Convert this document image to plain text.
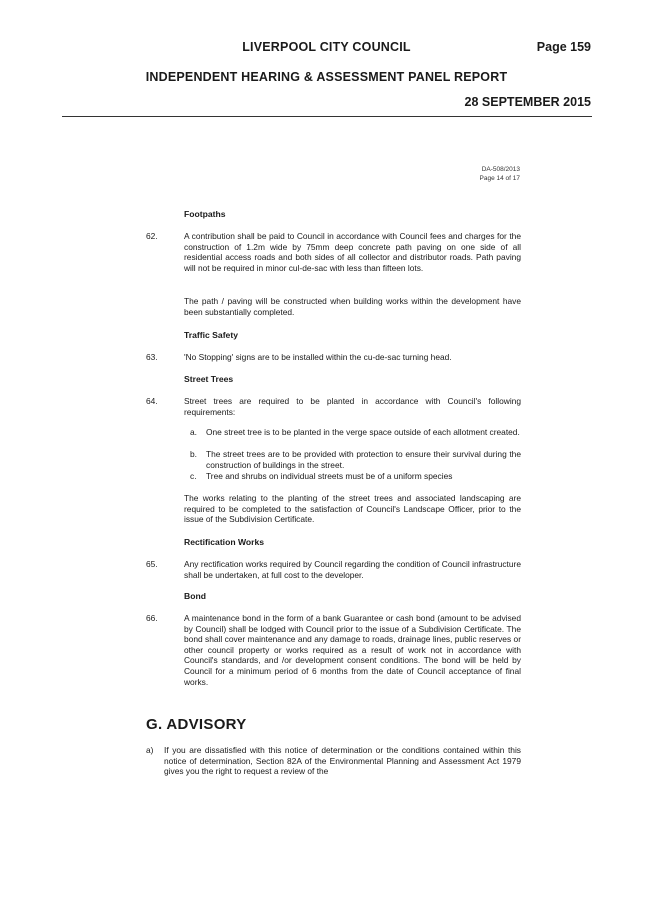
LIVERPOOL CITY COUNCIL	Page 159
INDEPENDENT HEARING & ASSESSMENT PANEL REPORT
28 SEPTEMBER 2015
DA-508/2013
Page 14 of 17
Footpaths
62.	A contribution shall be paid to Council in accordance with Council fees and charges for the construction of 1.2m wide by 75mm deep concrete path paving on one side of all residential access roads and both sides of all collector and distributor roads. Path paving will not be required in minor cul-de-sac with less than fifteen lots.
The path / paving will be constructed when building works within the development have been substantially completed.
Traffic Safety
63.	'No Stopping' signs are to be installed within the cu-de-sac turning head.
Street Trees
64.	Street trees are required to be planted in accordance with Council's following requirements:
a. One street tree is to be planted in the verge space outside of each allotment created.
b. The street trees are to be provided with protection to ensure their survival during the construction of buildings in the street.
c. Tree and shrubs on individual streets must be of a uniform species
The works relating to the planting of the street trees and associated landscaping are required to be completed to the satisfaction of Council's Landscape Officer, prior to the issue of the Subdivision Certificate.
Rectification Works
65.	Any rectification works required by Council regarding the condition of Council infrastructure shall be undertaken, at full cost to the developer.
Bond
66.	A maintenance bond in the form of a bank Guarantee or cash bond (amount to be advised by Council) shall be lodged with Council prior to the issue of a Subdivision Certificate. The bond shall cover maintenance and any damage to roads, drainage lines, public reserves or other council property or works required as a result of work not in accordance with Council's standards, and /or development consent conditions. The bond will be held by Council for a minimum period of 6 months from the date of Council acceptance of final works.
G. ADVISORY
a) If you are dissatisfied with this notice of determination or the conditions contained within this notice of determination, Section 82A of the Environmental Planning and Assessment Act 1979 gives you the right to request a review of the
